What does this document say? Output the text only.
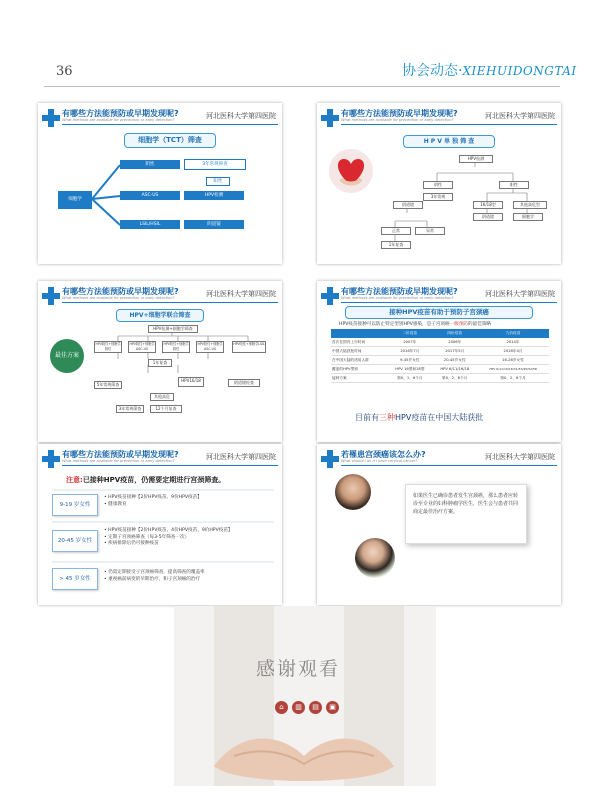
36	协会动态·XIEHUIDONGTAI
有哪些方法能预防或早期发现呢?
What methods are available for prevention or early detection?	河北医科大学第四医院
细胞学（TCT）筛查
细胞学
阴性	3年常规筛查
ASC-US	HPV检测
阳性
LSIL/HSIL	阴道镜
有哪些方法能预防或早期发现呢?
What methods are available for prevention or early detection?	河北医科大学第四医院
H P V 单 独 筛 查
HPV检测
阴性	阳性
3年常规
16/18型	其他高危型
阴道镜	细胞学
阴道镜
正常	异常
1年复查
有哪些方法能预防或早期发现呢?
What methods are available for prevention or early detection?	河北医科大学第四医院
HPV+细胞学联合筛查
最佳方案
HPV检测+细胞学筛查
HPV阴性+细胞学阴性
HPV阴性+细胞学ASC-US
HPV阳性+细胞学阴性
HPV阳性+细胞学ASC-US
HPV阳性+细胞学LSIL
5年常规筛查
1年复查
HPV16/18	阴道镜检查
3年常规筛查
其他高危
12个月复查
有哪些方法能预防或早期发现呢?
What methods are available for prevention or early detection?	河北医科大学第四医院
接种HPV疫苗有助于预防子宫颈癌
HPV疫苗接种可以防止特定型别HPV感染，是子宫颈癌一级预防的最佳策略
	二价疫苗	四价疫苗	九价疫苗
首次在国内上市时间	2007年	2006年	2014年
中国大陆获批时间	2016年7月	2017年5月	2018年4月
在中国大陆的适用人群	9-45岁女性	20-45岁女性	16-26岁女性
覆盖的HPV型别	HPV 16型和18型	HPV 6/11/16/18	HPV 6/11/16/18/31/33/45/52/58
接种方案	第0、1、6个月	第0、2、6个月	第0、2、6个月
目前有三种HPV疫苗在中国大陆获批
有哪些方法能预防或早期发现呢?
What methods are available for prevention or early detection?	河北医科大学第四医院
注意:已接种HPV疫苗，仍需要定期进行宫颈筛查。
9-19 岁女性
• HPV疫苗接种【2价HPV疫苗、9价HPV疫苗】
• 健康教育
20-45 岁女性
• HPV疫苗接种【2价HPV疫苗、4价HPV疫苗、9价HPV疫苗】
• 定期子宫颈癌筛查（每3-5年筛查一次）
• 疾病排除后仍可接种疫苗
> 45 岁女性
• 仍需定期接受子宫颈癌筛查，提高筛查的覆盖率
• 重视癌前病变的早期治疗，和子宫颈癌的治疗
若罹患宫颈癌该怎么办?
What should I do if I have cervical cancer?	河北医科大学第四医院
如果医生已确诊患者发生宫颈癌，那么患者应转诊至专业的妇科肿瘤学医生，医生会与患者共同商定最佳治疗方案。
感谢观看
⌂	▥	▤	▣
